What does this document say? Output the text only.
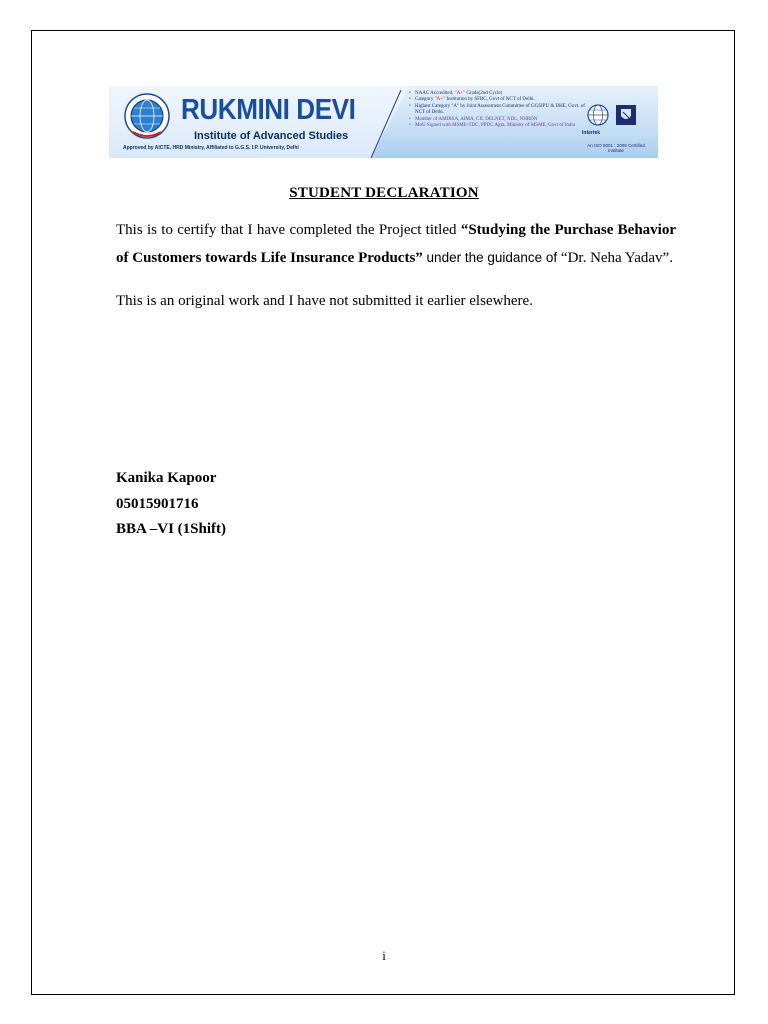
RUKMINI DEVI
Institute of Advanced Studies
Approved by AICTE, HRD Ministry, Affiliated to G.G.S. I.P. University, Delhi
• NAAC Accredited, "A+" Grade(2nd Cycle)
• Category "A+" Institution by SFRC, Govt of NCT of Delhi.
• Highest Category "A" by Joint Assessment Committee of GGSIPU & DHE, Govt. of NCT of Delhi.
• Member of AMDISA, AIMA, CII, DELNET, NDL, NHRDN
• MoU Signed with MSME-TDC, PPDC Agra, Ministry of MSME, Govt of India
Intertek
An ISO 9001 : 2008 Certified Institute
STUDENT DECLARATION

This is to certify that I have completed the Project titled “Studying the Purchase Behavior of Customers towards Life Insurance Products” under the guidance of “Dr. Neha Yadav”.

This is an original work and I have not submitted it earlier elsewhere.

Kanika Kapoor

05015901716

BBA –VI (1Shift)

i
